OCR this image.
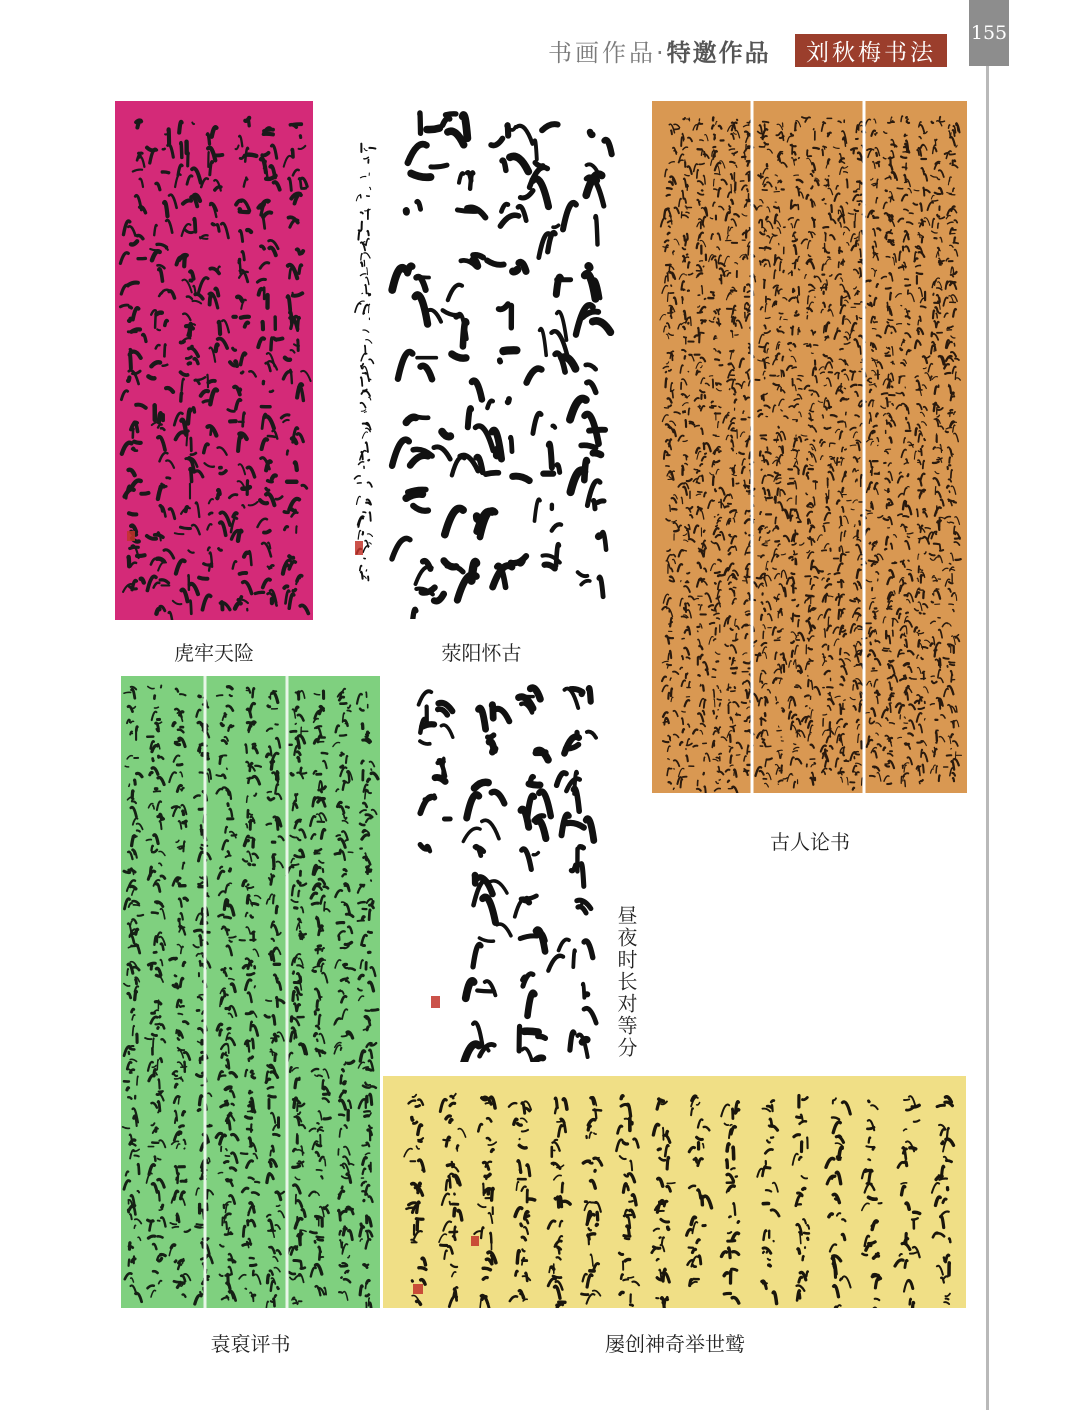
书画作品·特邀作品	刘秋梅书法
155
虎牢天险	荥阳怀古
古人论书
昼夜时长对等分
袁裒评书	屡创神奇举世鹫
